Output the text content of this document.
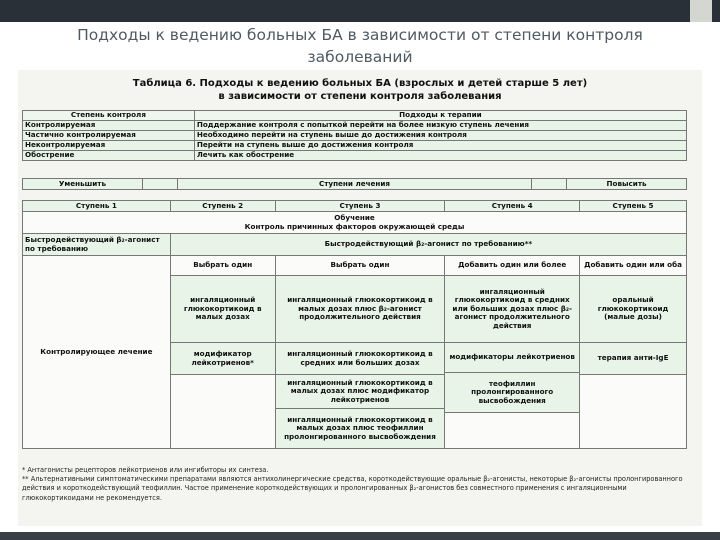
Подходы к ведению больных БА в зависимости от степени контроля
заболеваний
Таблица 6. Подходы к ведению больных БА (взрослых и детей старше 5 лет)
в зависимости от степени контроля заболевания
Степень контроля	Подходы к терапии
Контролируемая	Поддержание контроля с попыткой перейти на более низкую ступень лечения
Частично контролируемая	Необходимо перейти на ступень выше до достижения контроля
Неконтролируемая	Перейти на ступень выше до достижения контроля
Обострение	Лечить как обострение
Уменьшить		Ступени лечения		Повысить
Ступень 1	Ступень 2	Ступень 3	Ступень 4	Ступень 5

Обучение
Контроль причинных факторов окружающей среды				

Быстродействующий β₂-агонист по требованию	Быстродействующий β₂-агонист по требованию**			
Контролирующее лечение	Выбрать один	Выбрать один	Добавить один или более	Добавить один или оба
	ингаляционный глюкокортикоид в малых дозах	ингаляционный глюкокортикоид в малых дозах плюс β₂-агонист продолжительного действия	ингаляционный глюкокортикоид в средних или больших дозах плюс β₂-агонист продолжительного действия	оральный глюкокортикоид (малые дозы)
	модификатор лейкотриенов*	ингаляционный глюкокортикоид в средних или больших дозах	модификаторы лейкотриенов	терапия анти-IgE
			теофиллин пролонгированного высвобождения	
		ингаляционный глюкокортикоид в малых дозах плюс модификатор лейкотриенов		
		ингаляционный глюкокортикоид в малых дозах плюс теофиллин пролонгированного высвобождения		

* Антагонисты рецепторов лейкотриенов или ингибиторы их синтеза.

** Альтернативными симптоматическими препаратами являются антихолинергические средства, короткодействующие оральные β₂-агонисты, некоторые β₂-агонисты пролонгированного действия и короткодействующий теофиллин. Частое применение короткодействующих и пролонгированных β₂-агонистов без совместного применения с ингаляционными глюкокортикоидами не рекомендуется.
